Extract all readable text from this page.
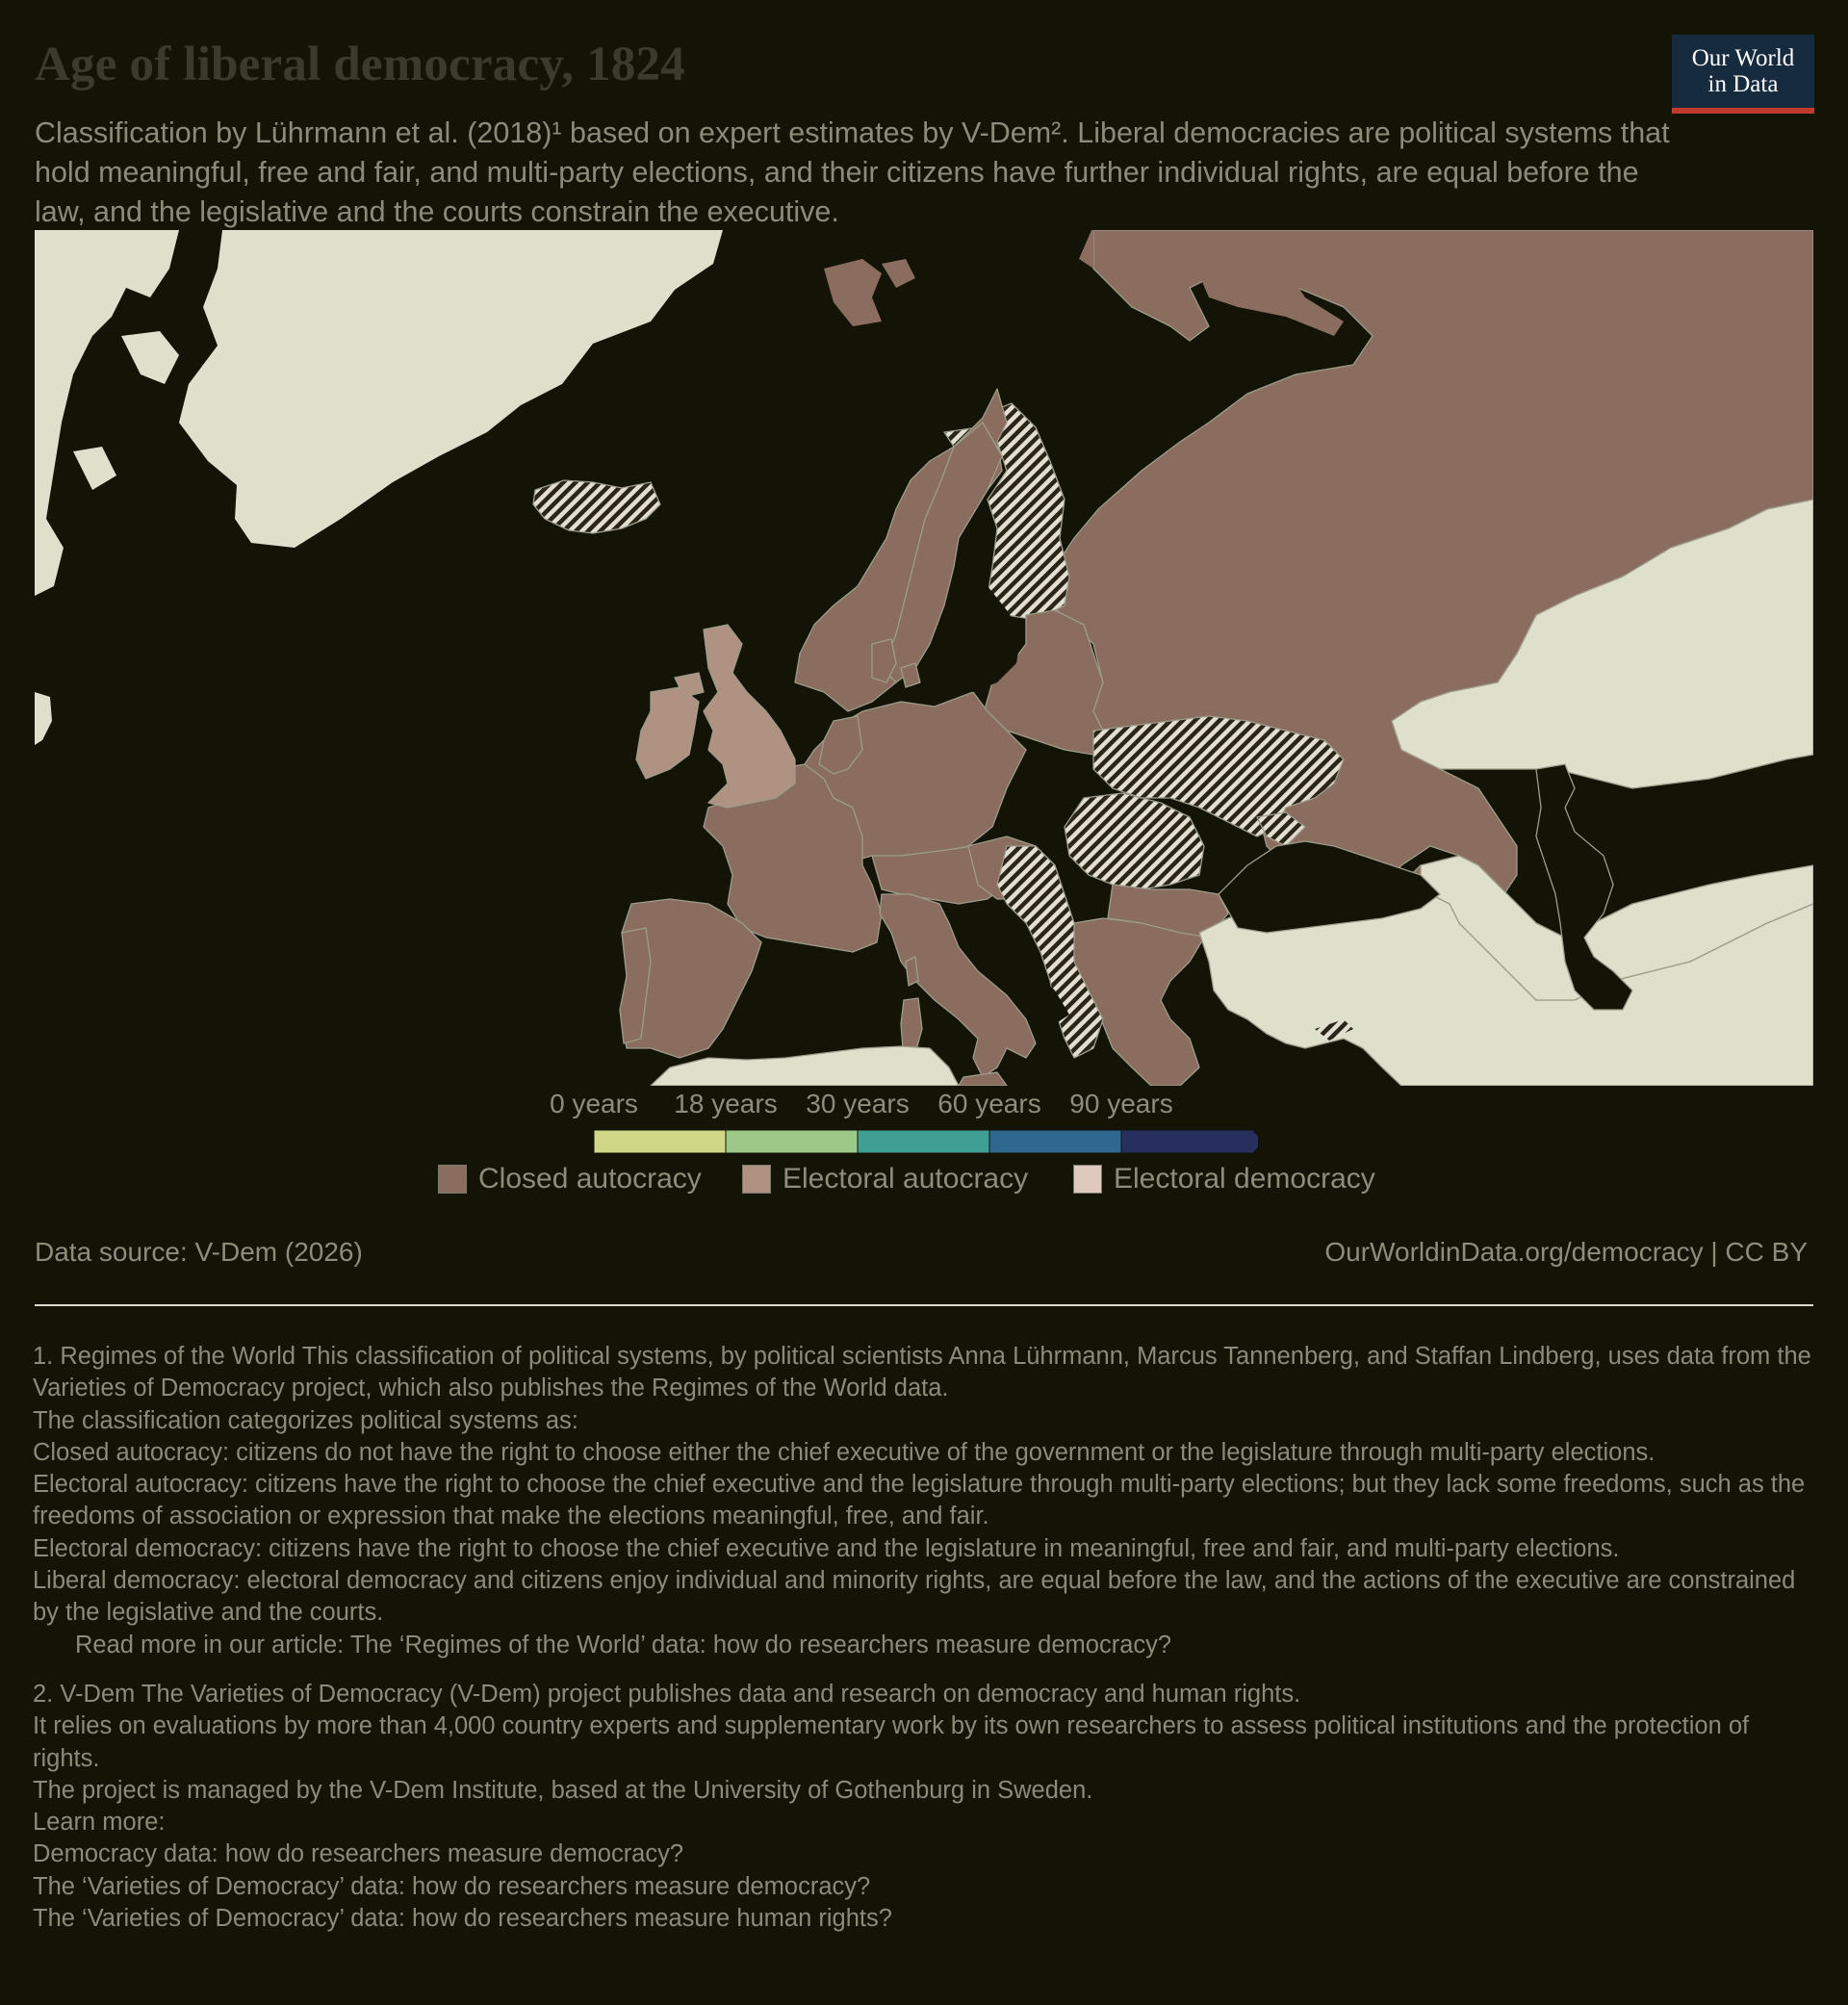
Age of liberal democracy, 1824
Classification by Lührmann et al. (2018)¹ based on expert estimates by V-Dem². Liberal democracies are political systems that hold meaningful, free and fair, and multi-party elections, and their citizens have further individual rights, are equal before the law, and the legislative and the courts constrain the executive.
Our World
in Data
0 years 18 years 30 years 60 years 90 years
Closed autocracy	Electoral autocracy	Electoral democracy
Data source: V-Dem (2026)	OurWorldinData.org/democracy | CC BY

1. Regimes of the World This classification of political systems, by political scientists Anna Lührmann, Marcus Tannenberg, and Staffan Lindberg, uses data from the Varieties of Democracy project, which also publishes the Regimes of the World data.

The classification categorizes political systems as:

Closed autocracy: citizens do not have the right to choose either the chief executive of the government or the legislature through multi-party elections.

Electoral autocracy: citizens have the right to choose the chief executive and the legislature through multi-party elections; but they lack some freedoms, such as the freedoms of association or expression that make the elections meaningful, free, and fair.

Electoral democracy: citizens have the right to choose the chief executive and the legislature in meaningful, free and fair, and multi-party elections.

Liberal democracy: electoral democracy and citizens enjoy individual and minority rights, are equal before the law, and the actions of the executive are constrained by the legislative and the courts.

Read more in our article: The ‘Regimes of the World’ data: how do researchers measure democracy?

2. V-Dem The Varieties of Democracy (V-Dem) project publishes data and research on democracy and human rights.

It relies on evaluations by more than 4,000 country experts and supplementary work by its own researchers to assess political institutions and the protection of rights.

The project is managed by the V-Dem Institute, based at the University of Gothenburg in Sweden.

Learn more:

Democracy data: how do researchers measure democracy?

The ‘Varieties of Democracy’ data: how do researchers measure democracy?

The ‘Varieties of Democracy’ data: how do researchers measure human rights?
